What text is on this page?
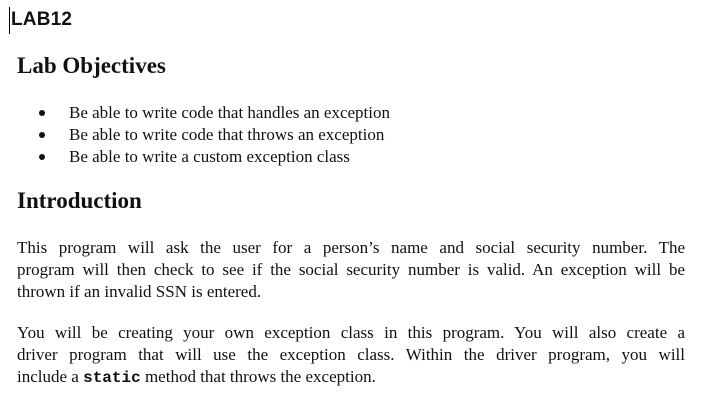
LAB12
Lab Objectives
Be able to write code that handles an exception
Be able to write code that throws an exception
Be able to write a custom exception class
Introduction

This program will ask the user for a person’s name and social security number. The
program will then check to see if the social security number is valid. An exception will be
thrown if an invalid SSN is entered.

You will be creating your own exception class in this program. You will also create a
driver program that will use the exception class. Within the driver program, you will
include a static method that throws the exception.
